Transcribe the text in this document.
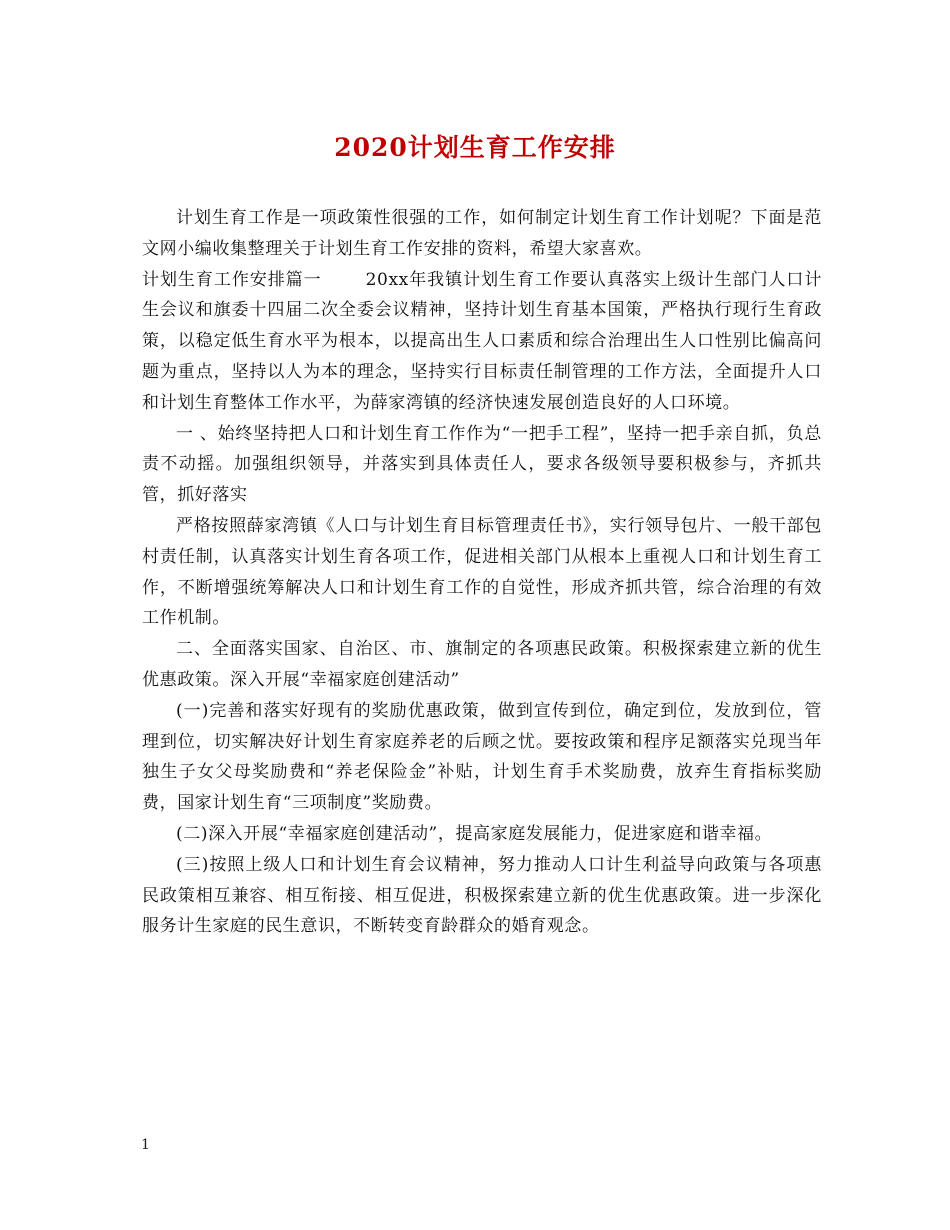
2020计划生育工作安排

计划生育工作是一项政策性很强的工作，如何制定计划生育工作计划呢？下面是范文网小编收集整理关于计划生育工作安排的资料，希望大家喜欢。

计划生育工作安排篇一	20xx年我镇计划生育工作要认真落实上级计生部门人口计生会议和旗委十四届二次全委会议精神，坚持计划生育基本国策，严格执行现行生育政策，以稳定低生育水平为根本，以提高出生人口素质和综合治理出生人口性别比偏高问题为重点，坚持以人为本的理念，坚持实行目标责任制管理的工作方法，全面提升人口和计划生育整体工作水平，为薛家湾镇的经济快速发展创造良好的人口环境。

一 、始终坚持把人口和计划生育工作作为“一把手工程”，坚持一把手亲自抓，负总责不动摇。加强组织领导，并落实到具体责任人，要求各级领导要积极参与，齐抓共管，抓好落实

严格按照薛家湾镇《人口与计划生育目标管理责任书》，实行领导包片、一般干部包村责任制，认真落实计划生育各项工作，促进相关部门从根本上重视人口和计划生育工作，不断增强统筹解决人口和计划生育工作的自觉性，形成齐抓共管，综合治理的有效工作机制。

二、全面落实国家、自治区、市、旗制定的各项惠民政策。积极探索建立新的优生优惠政策。深入开展“幸福家庭创建活动”

(一)完善和落实好现有的奖励优惠政策，做到宣传到位，确定到位，发放到位，管理到位，切实解决好计划生育家庭养老的后顾之忧。要按政策和程序足额落实兑现当年独生子女父母奖励费和“养老保险金”补贴，计划生育手术奖励费，放弃生育指标奖励费，国家计划生育“三项制度”奖励费。

(二)深入开展“幸福家庭创建活动”，提高家庭发展能力，促进家庭和谐幸福。

(三)按照上级人口和计划生育会议精神，努力推动人口计生利益导向政策与各项惠民政策相互兼容、相互衔接、相互促进，积极探索建立新的优生优惠政策。进一步深化服务计生家庭的民生意识，不断转变育龄群众的婚育观念。

1
